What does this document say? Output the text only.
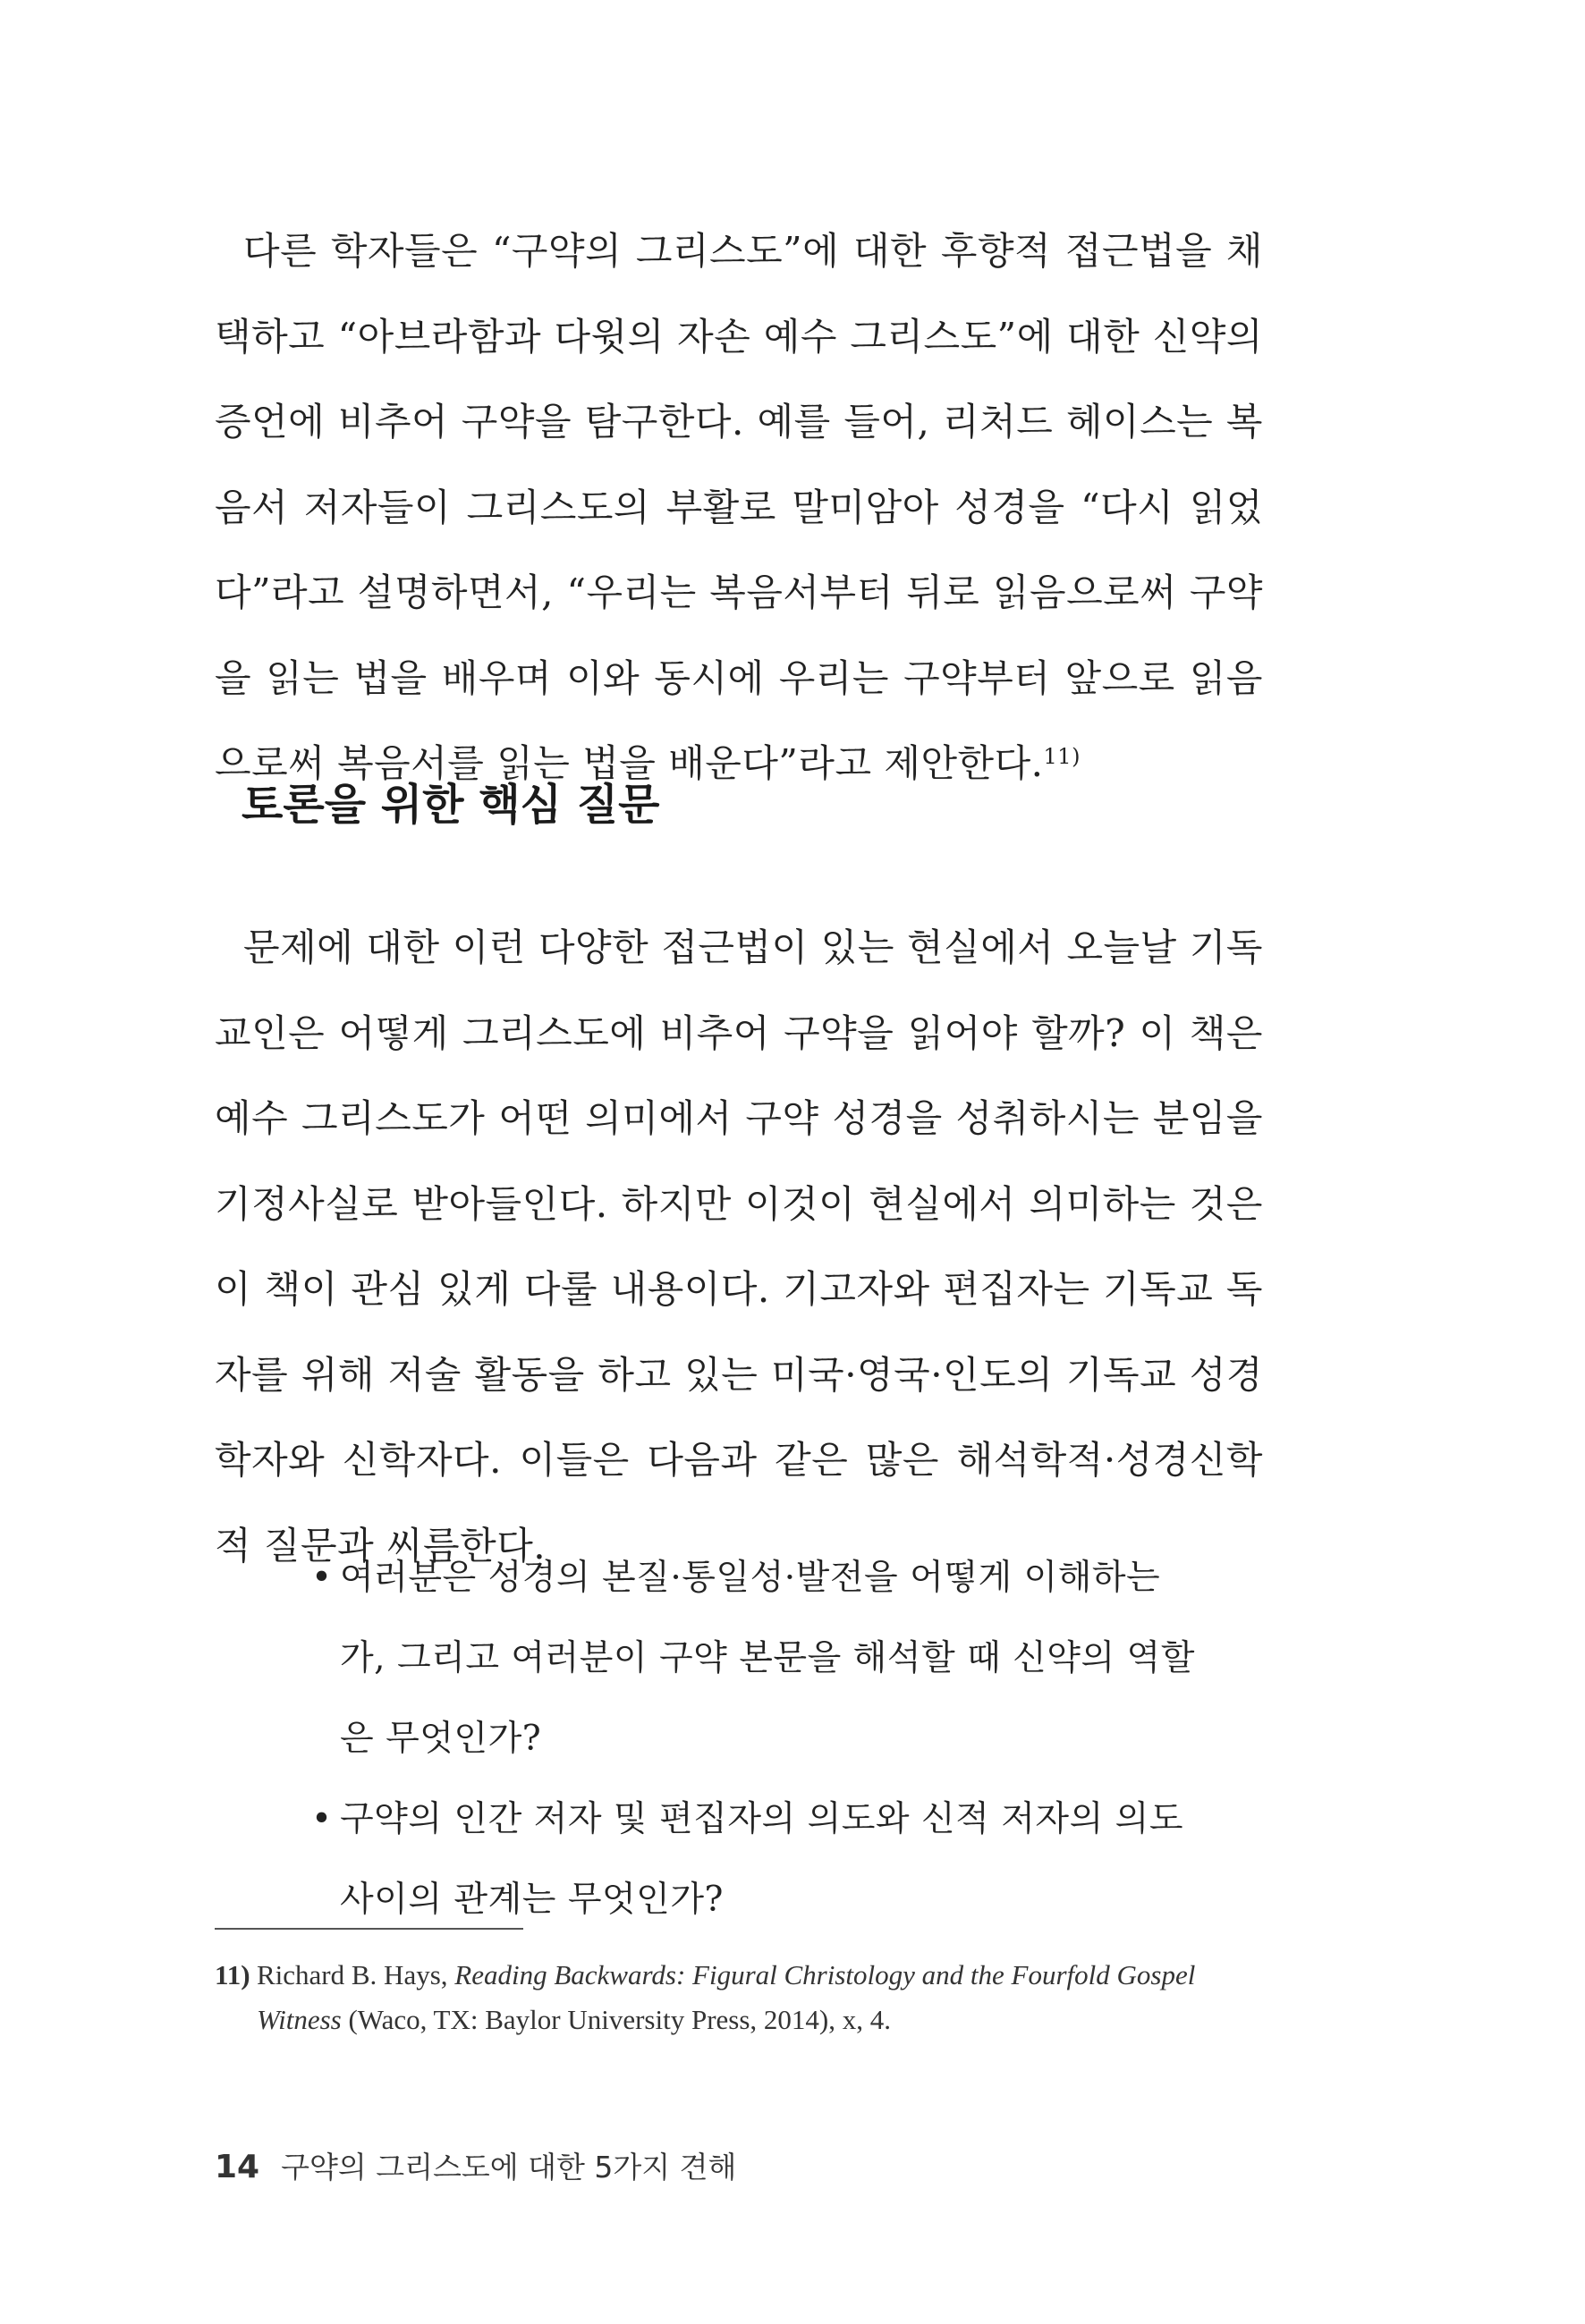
다른 학자들은 “구약의 그리스도”에 대한 후향적 접근법을 채택하고 “아브라함과 다윗의 자손 예수 그리스도”에 대한 신약의 증언에 비추어 구약을 탐구한다. 예를 들어, 리처드 헤이스는 복음서 저자들이 그리스도의 부활로 말미암아 성경을 “다시 읽었다”라고 설명하면서, “우리는 복음서부터 뒤로 읽음으로써 구약을 읽는 법을 배우며 이와 동시에 우리는 구약부터 앞으로 읽음으로써 복음서를 읽는 법을 배운다”라고 제안한다.$^{11)}$

토론을 위한 핵심 질문

문제에 대한 이런 다양한 접근법이 있는 현실에서 오늘날 기독교인은 어떻게 그리스도에 비추어 구약을 읽어야 할까? 이 책은 예수 그리스도가 어떤 의미에서 구약 성경을 성취하시는 분임을 기정사실로 받아들인다. 하지만 이것이 현실에서 의미하는 것은 이 책이 관심 있게 다룰 내용이다. 기고자와 편집자는 기독교 독자를 위해 저술 활동을 하고 있는 미국·영국·인도의 기독교 성경학자와 신학자다. 이들은 다음과 같은 많은 해석학적·성경신학적 질문과 씨름한다.

• 여러분은 성경의 본질·통일성·발전을 어떻게 이해하는가, 그리고 여러분이 구약 본문을 해석할 때 신약의 역할은 무엇인가?
• 구약의 인간 저자 및 편집자의 의도와 신적 저자의 의도 사이의 관계는 무엇인가?

11) Richard B. Hays, Reading Backwards: Figural Christology and the Fourfold Gospel Witness (Waco, TX: Baylor University Press, 2014), x, 4.

14 구약의 그리스도에 대한 5가지 견해
